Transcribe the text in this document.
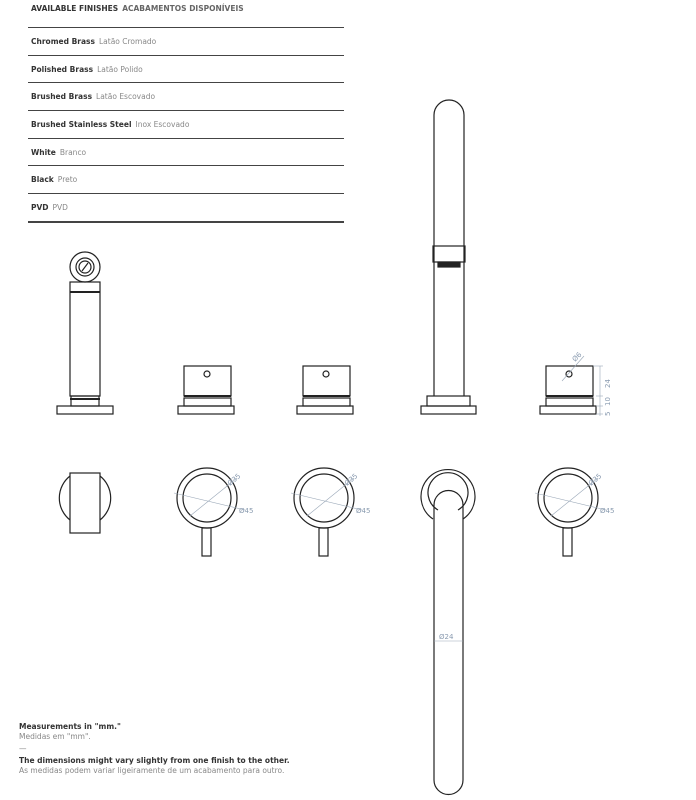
AVAILABLE FINISHES ACABAMENTOS DISPONÍVEIS
Chromed Brass Latão Cromado
Polished Brass Latão Polido
Brushed Brass Latão Escovado
Brushed Stainless Steel Inox Escovado
White Branco
Black Preto
PVD PVD
Ø6
24
10
5
Ø35
Ø45
Ø35
Ø45
Ø35
Ø45
Ø24
Measurements in "mm."
Medidas em "mm".
—
The dimensions might vary slightly from one finish to the other.
As medidas podem variar ligeiramente de um acabamento para outro.
